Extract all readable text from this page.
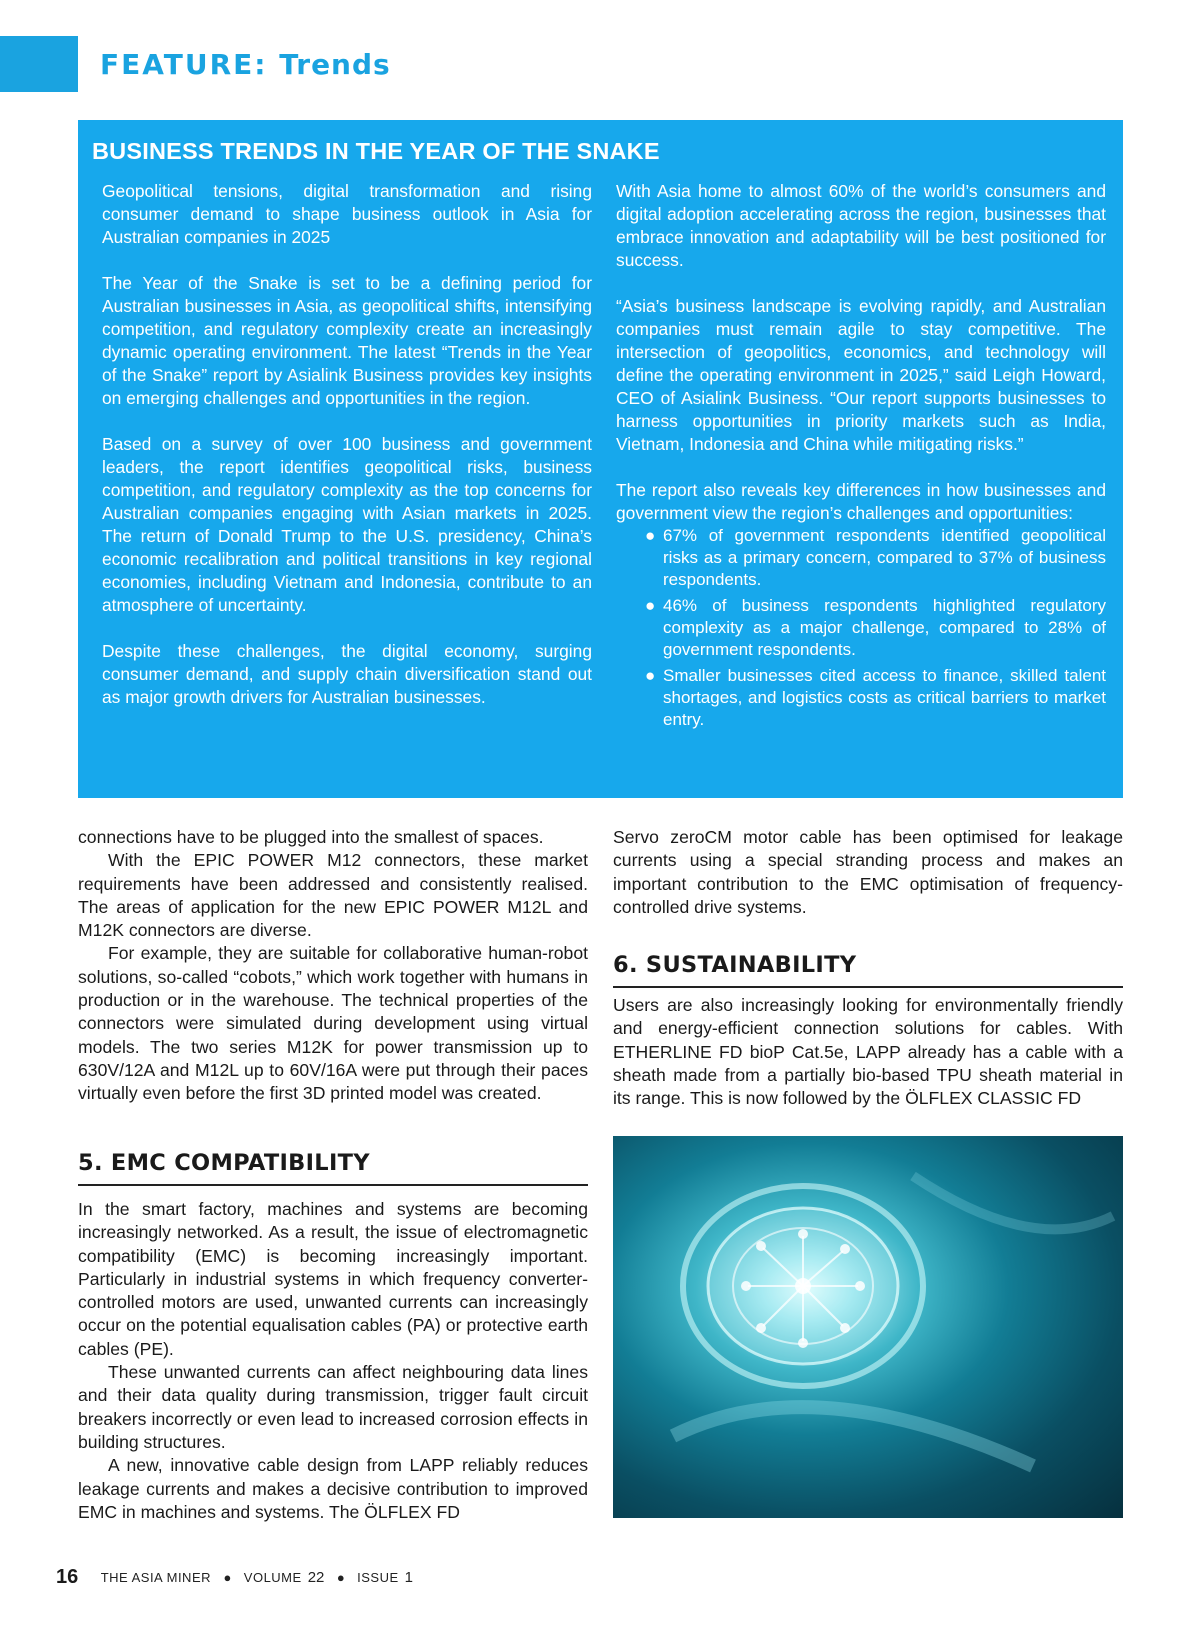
FEATURE: Trends
BUSINESS TRENDS IN THE YEAR OF THE SNAKE

Geopolitical tensions, digital transformation and rising consumer demand to shape business outlook in Asia for Australian companies in 2025

The Year of the Snake is set to be a defining period for Australian businesses in Asia, as geopolitical shifts, intensifying competition, and regulatory complexity create an increasingly dynamic operating environment. The latest “Trends in the Year of the Snake” report by Asialink Business provides key insights on emerging challenges and opportunities in the region.

Based on a survey of over 100 business and government leaders, the report identifies geopolitical risks, business competition, and regulatory complexity as the top concerns for Australian companies engaging with Asian markets in 2025. The return of Donald Trump to the U.S. presidency, China’s economic recalibration and political transitions in key regional economies, including Vietnam and Indonesia, contribute to an atmosphere of uncertainty.

Despite these challenges, the digital economy, surging consumer demand, and supply chain diversification stand out as major growth drivers for Australian businesses.

With Asia home to almost 60% of the world’s consumers and digital adoption accelerating across the region, businesses that embrace innovation and adaptability will be best positioned for success.

“Asia’s business landscape is evolving rapidly, and Australian companies must remain agile to stay competitive. The intersection of geopolitics, economics, and technology will define the operating environment in 2025,” said Leigh Howard, CEO of Asialink Business. “Our report supports businesses to harness opportunities in priority markets such as India, Vietnam, Indonesia and China while mitigating risks.”

The report also reveals key differences in how businesses and government view the region’s challenges and opportunities:

● 67% of government respondents identified geopolitical risks as a primary concern, compared to 37% of business respondents.
● 46% of business respondents highlighted regulatory complexity as a major challenge, compared to 28% of government respondents.
● Smaller businesses cited access to finance, skilled talent shortages, and logistics costs as critical barriers to market entry.

connections have to be plugged into the smallest of spaces.

With the EPIC POWER M12 connectors, these market requirements have been addressed and consistently realised. The areas of application for the new EPIC POWER M12L and M12K connectors are diverse.

For example, they are suitable for collaborative human-robot solutions, so-called “cobots,” which work together with humans in production or in the warehouse. The technical properties of the connectors were simulated during development using virtual models. The two series M12K for power transmission up to 630V/12A and M12L up to 60V/16A were put through their paces virtually even before the first 3D printed model was created.

5. EMC COMPATIBILITY

In the smart factory, machines and systems are becoming increasingly networked. As a result, the issue of electromagnetic compatibility (EMC) is becoming increasingly important. Particularly in industrial systems in which frequency converter-controlled motors are used, unwanted currents can increasingly occur on the potential equalisation cables (PA) or protective earth cables (PE).

These unwanted currents can affect neighbouring data lines and their data quality during transmission, trigger fault circuit breakers incorrectly or even lead to increased corrosion effects in building structures.

A new, innovative cable design from LAPP reliably reduces leakage currents and makes a decisive contribution to improved EMC in machines and systems. The ÖLFLEX FD

Servo zeroCM motor cable has been optimised for leakage currents using a special stranding process and makes an important contribution to the EMC optimisation of frequency-controlled drive systems.

6. SUSTAINABILITY

Users are also increasingly looking for environmentally friendly and energy-efficient connection solutions for cables. With ETHERLINE FD bioP Cat.5e, LAPP already has a cable with a sheath made from a partially bio-based TPU sheath material in its range. This is now followed by the ÖLFLEX CLASSIC FD

16 THE ASIA MINER ● VOLUME 22 ● ISSUE 1
